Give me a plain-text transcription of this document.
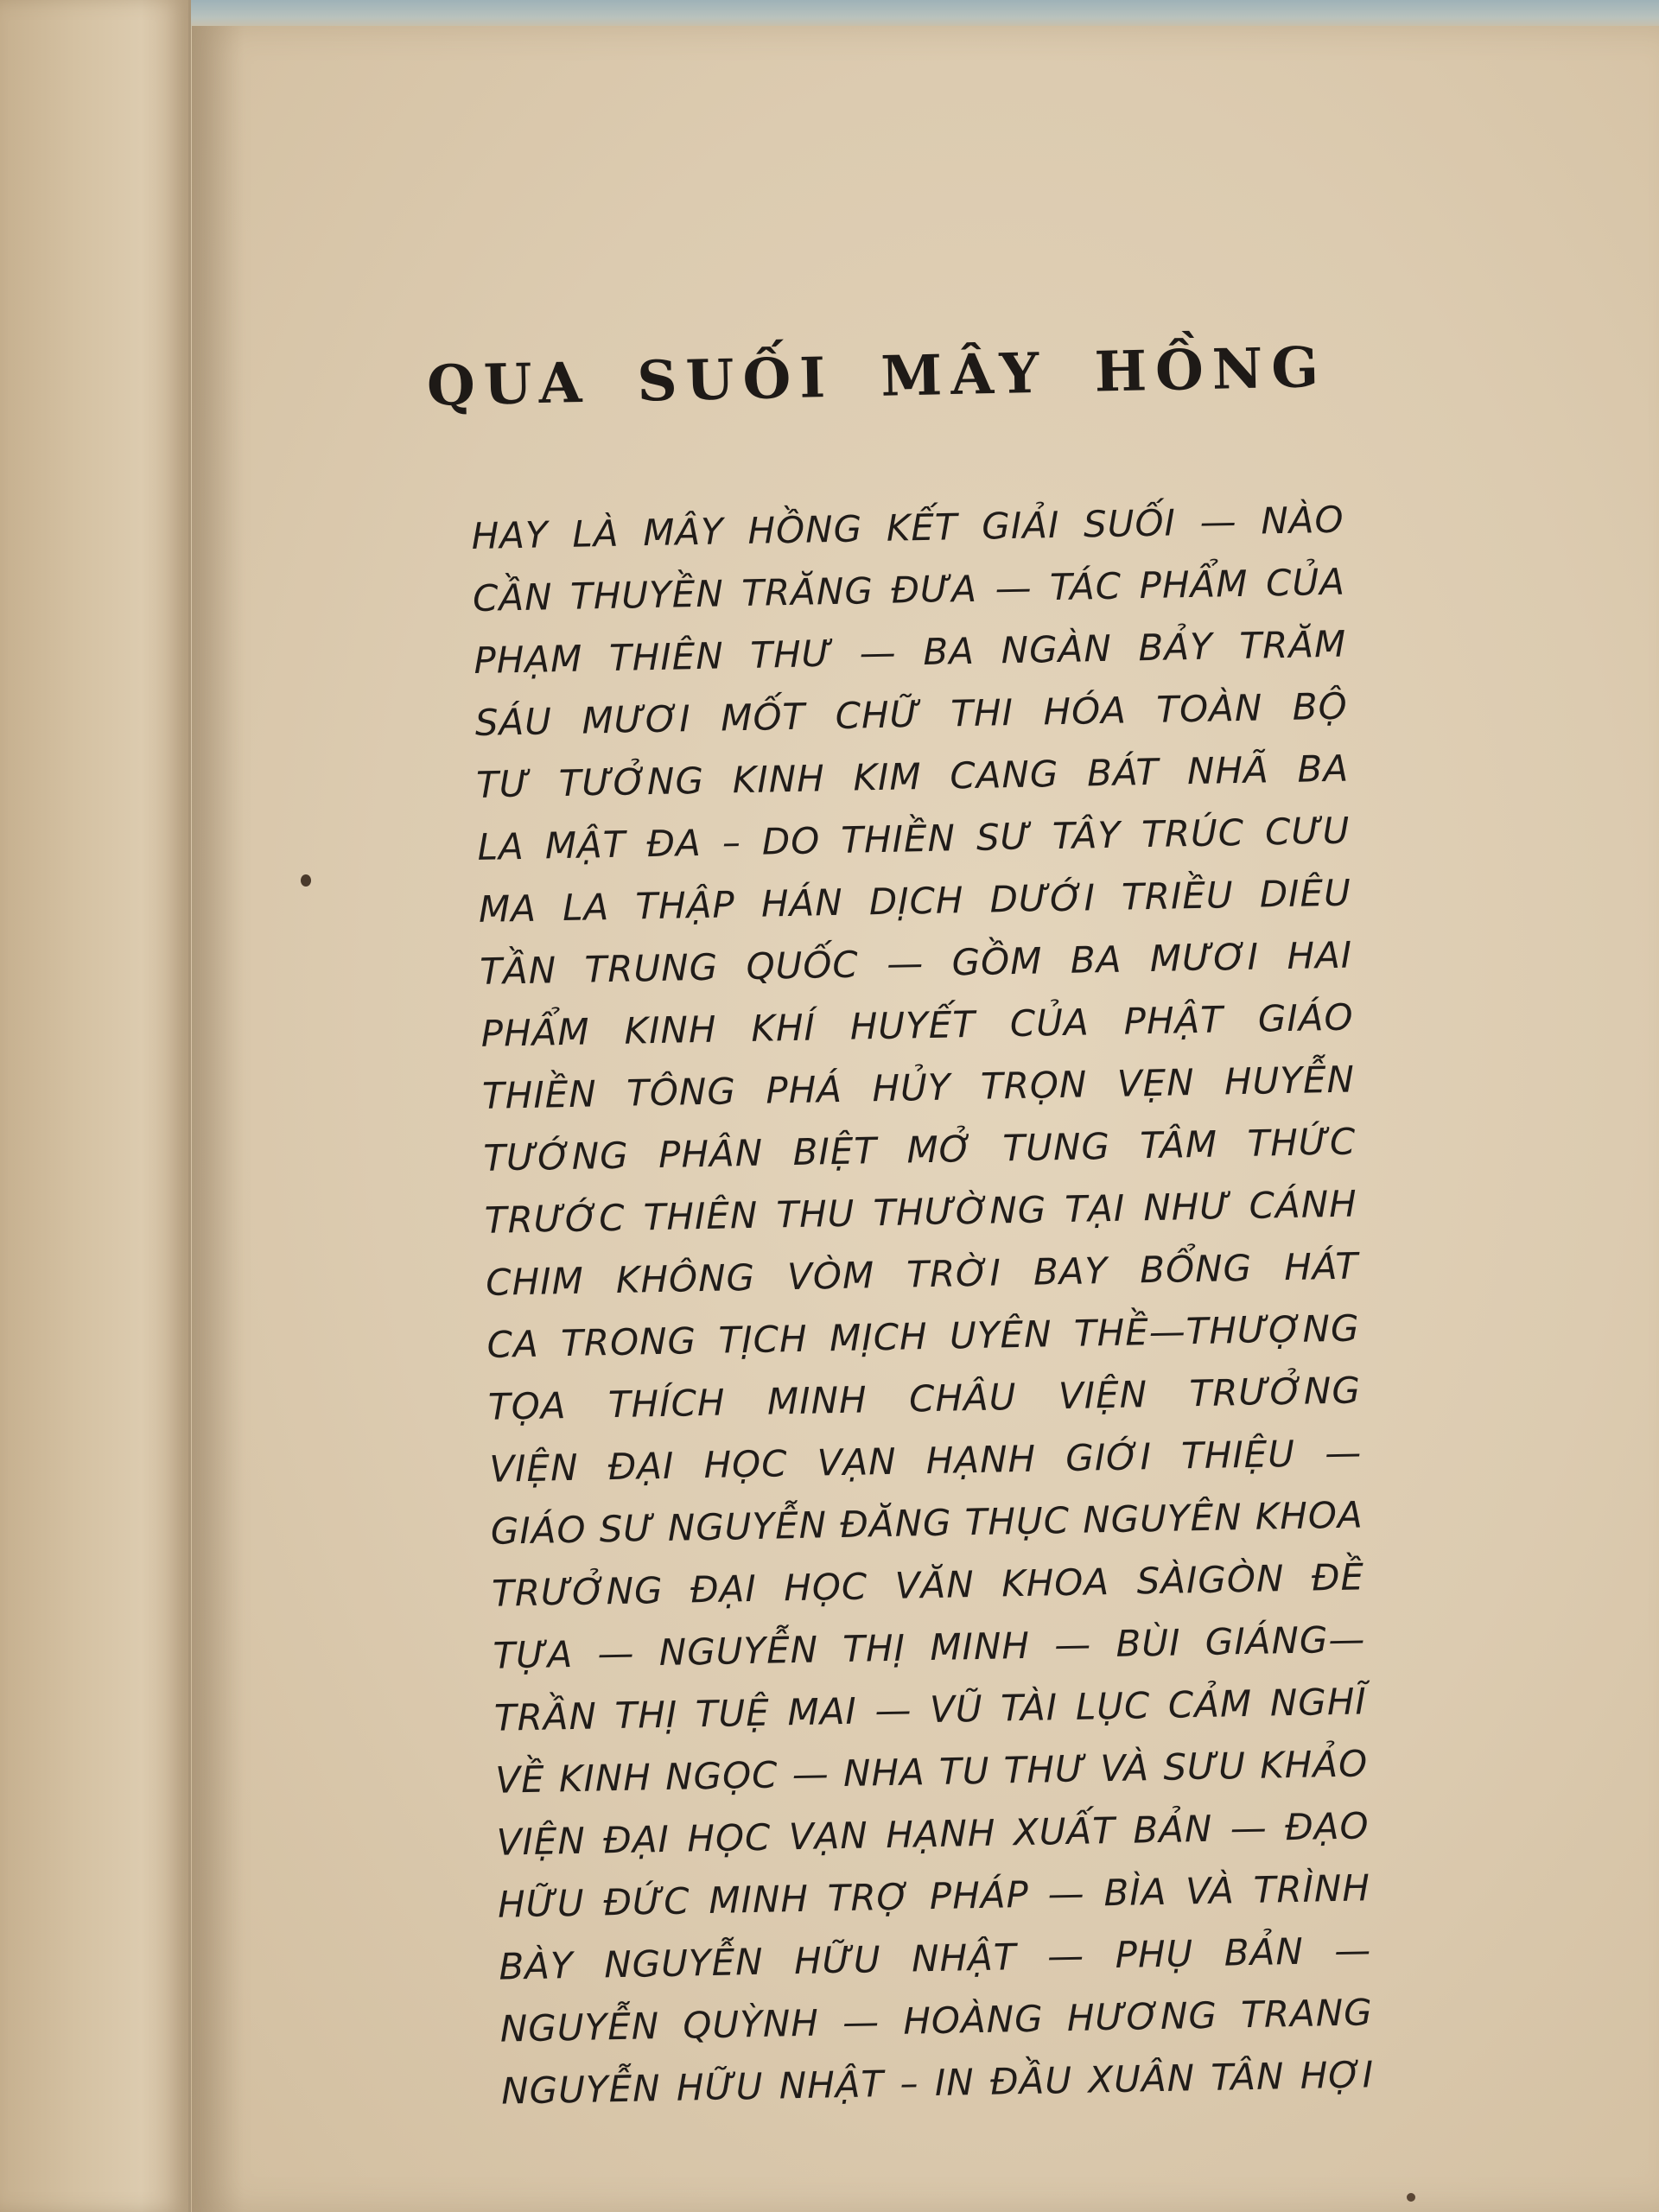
QUA SUỐI MÂY HỒNG
HAY LÀ MÂY HỒNG KẾT GIẢI SUỐI — NÀO
CẦN THUYỀN TRĂNG ĐƯA — TÁC PHẨM CỦA
PHẠM THIÊN THƯ — BA NGÀN BẢY TRĂM
SÁU MƯƠI MỐT CHỮ THI HÓA TOÀN BỘ
TƯ TƯỞNG KINH KIM CANG BÁT NHÃ BA
LA MẬT ĐA – DO THIỀN SƯ TÂY TRÚC CƯU
MA LA THẬP HÁN DỊCH DƯỚI TRIỀU DIÊU
TẦN TRUNG QUỐC — GỒM BA MƯƠI HAI
PHẨM KINH KHÍ HUYẾT CỦA PHẬT GIÁO
THIỀN TÔNG PHÁ HỦY TRỌN VẸN HUYỄN
TƯỚNG PHÂN BIỆT MỞ TUNG TÂM THỨC
TRƯỚC THIÊN THU THƯỜNG TẠI NHƯ CÁNH
CHIM KHÔNG VÒM TRỜI BAY BỔNG HÁT
CA TRONG TỊCH MỊCH UYÊN THỀ—THƯỢNG
TỌA THÍCH MINH CHÂU VIỆN TRƯỞNG
VIỆN ĐẠI HỌC VẠN HẠNH GIỚI THIỆU —
GIÁO SƯ NGUYỄN ĐĂNG THỤC NGUYÊN KHOA
TRƯỞNG ĐẠI HỌC VĂN KHOA SÀIGÒN ĐỀ
TỰA — NGUYỄN THỊ MINH — BÙI GIÁNG—
TRẦN THỊ TUỆ MAI — VŨ TÀI LỤC CẢM NGHĨ
VỀ KINH NGỌC — NHA TU THƯ VÀ SƯU KHẢO
VIỆN ĐẠI HỌC VẠN HẠNH XUẤT BẢN — ĐẠO
HỮU ĐỨC MINH TRỢ PHÁP — BÌA VÀ TRÌNH
BÀY NGUYỄN HỮU NHẬT — PHỤ BẢN —
NGUYỄN QUỲNH — HOÀNG HƯƠNG TRANG
NGUYỄN HỮU NHẬT – IN ĐẦU XUÂN TÂN HỢI
